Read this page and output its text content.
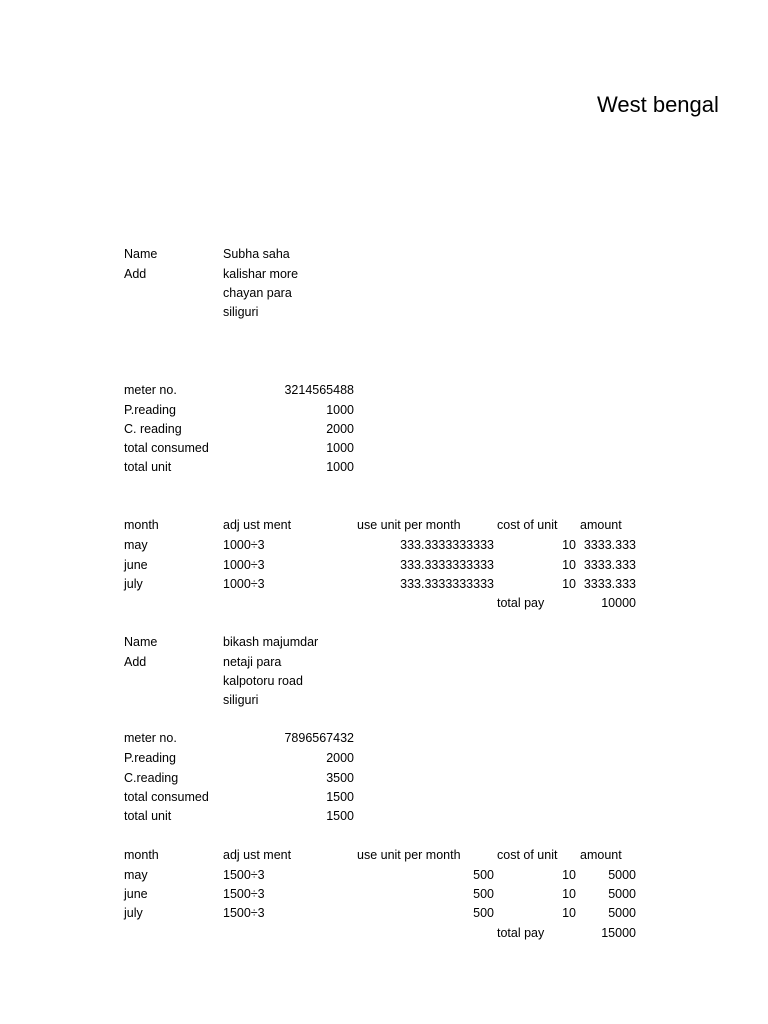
West bengal
Name	Subha saha
Add	kalishar more
chayan para
siliguri
meter no.	3214565488
P.reading	1000
C. reading	2000
total consumed	1000
total unit	1000
month	adj ust ment	use unit per month	cost of unit amount
may	1000÷3	333.3333333333	10 3333.333
june	1000÷3	333.3333333333	10 3333.333
july	1000÷3	333.3333333333	10 3333.333
total pay	10000
Name	bikash majumdar
Add	netaji para
kalpotoru road
siliguri
meter no.	7896567432
P.reading	2000
C.reading	3500
total consumed	1500
total unit	1500
month	adj ust ment	use unit per month	cost of unit amount
may	1500÷3	500	10	5000
june	1500÷3	500	10	5000
july	1500÷3	500	10	5000
total pay	15000
